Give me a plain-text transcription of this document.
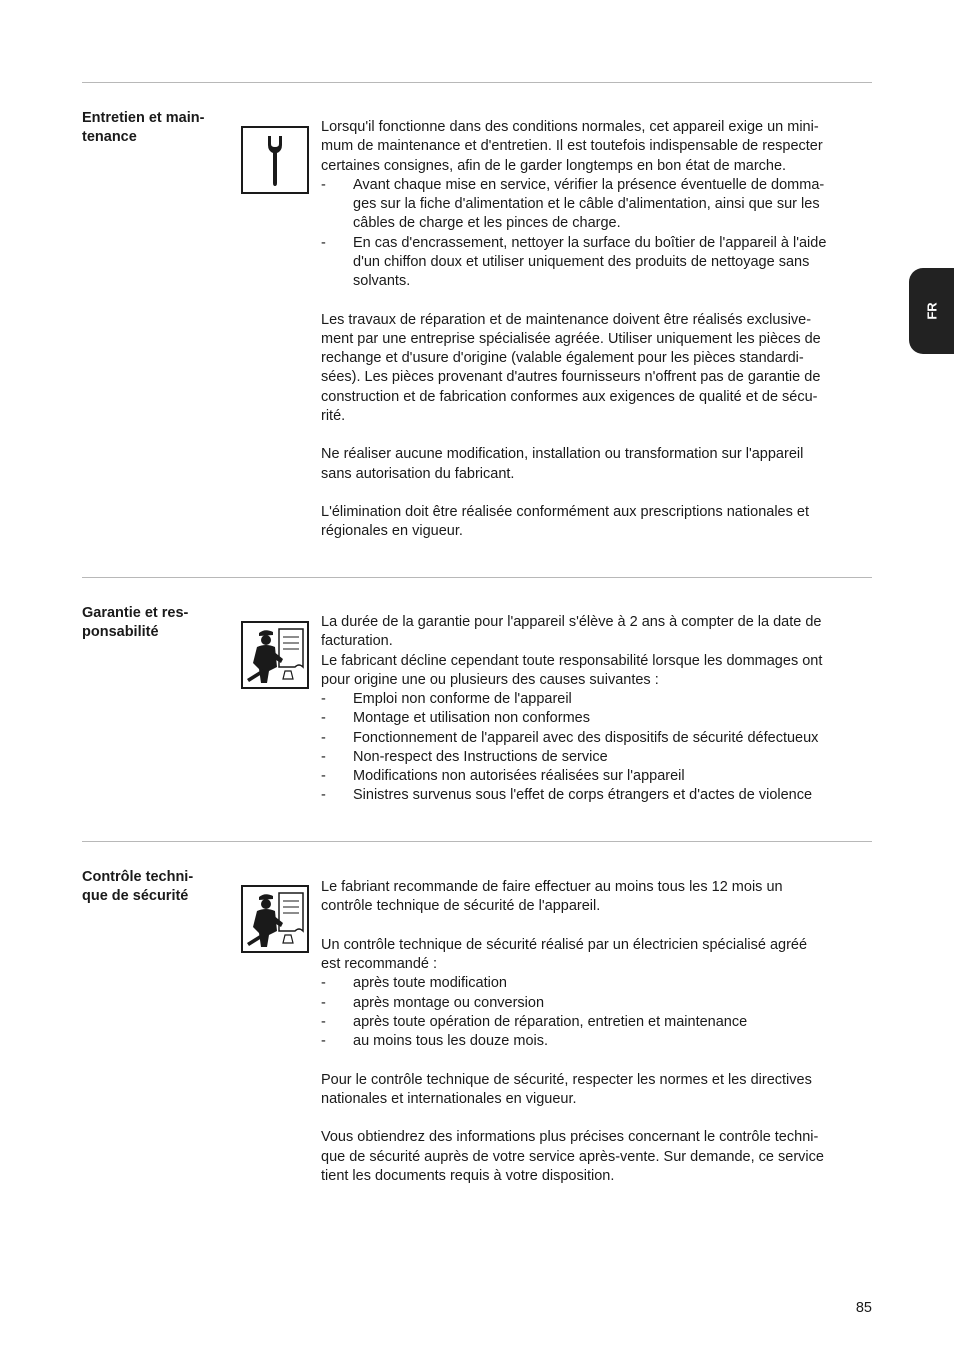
FR
Entretien et main-
tenance
Lorsqu'il fonctionne dans des conditions normales, cet appareil exige un mini-
mum de maintenance et d'entretien. Il est toutefois indispensable de respecter
certaines consignes, afin de le garder longtemps en bon état de marche.
-	Avant chaque mise en service, vérifier la présence éventuelle de domma-
ges sur la fiche d'alimentation et le câble d'alimentation, ainsi que sur les
câbles de charge et les pinces de charge.
-	En cas d'encrassement, nettoyer la surface du boîtier de l'appareil à l'aide
d'un chiffon doux et utiliser uniquement des produits de nettoyage sans
solvants.
Les travaux de réparation et de maintenance doivent être réalisés exclusive-
ment par une entreprise spécialisée agréée. Utiliser uniquement les pièces de
rechange et d'usure d'origine (valable également pour les pièces standardi-
sées). Les pièces provenant d'autres fournisseurs n'offrent pas de garantie de
construction et de fabrication conformes aux exigences de qualité et de sécu-
rité.
Ne réaliser aucune modification, installation ou transformation sur l'appareil
sans autorisation du fabricant.
L'élimination doit être réalisée conformément aux prescriptions nationales et
régionales en vigueur.
Garantie et res-
ponsabilité
La durée de la garantie pour l'appareil s'élève à 2 ans à compter de la date de
facturation.
Le fabricant décline cependant toute responsabilité lorsque les dommages ont
pour origine une ou plusieurs des causes suivantes :
-	Emploi non conforme de l'appareil
-	Montage et utilisation non conformes
-	Fonctionnement de l'appareil avec des dispositifs de sécurité défectueux
-	Non-respect des Instructions de service
-	Modifications non autorisées réalisées sur l'appareil
-	Sinistres survenus sous l'effet de corps étrangers et d'actes de violence
Contrôle techni-
que de sécurité
Le fabriant recommande de faire effectuer au moins tous les 12 mois un
contrôle technique de sécurité de l'appareil.
Un contrôle technique de sécurité réalisé par un électricien spécialisé agréé
est recommandé :
-	après toute modification
-	après montage ou conversion
-	après toute opération de réparation, entretien et maintenance
-	au moins tous les douze mois.
Pour le contrôle technique de sécurité, respecter les normes et les directives
nationales et internationales en vigueur.
Vous obtiendrez des informations plus précises concernant le contrôle techni-
que de sécurité auprès de votre service après-vente. Sur demande, ce service
tient les documents requis à votre disposition.
85
